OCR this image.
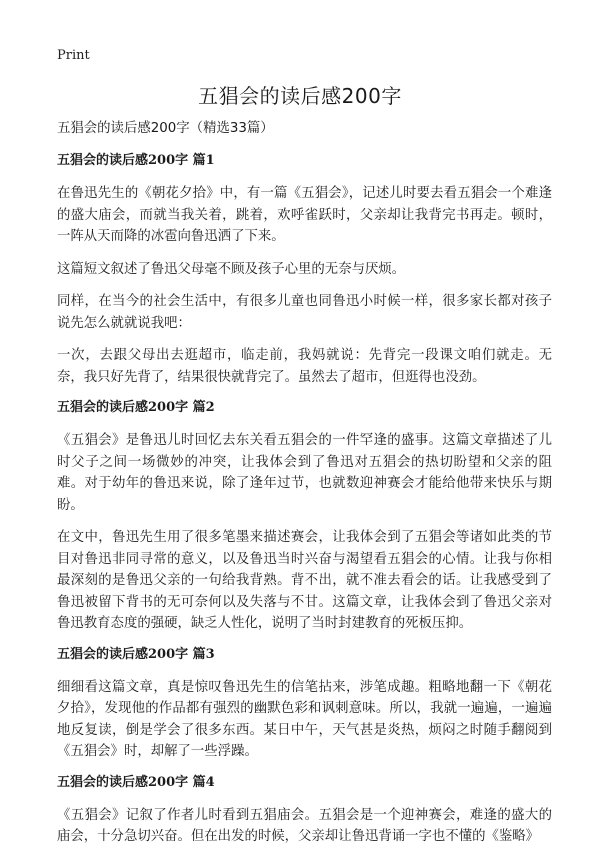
Print
五猖会的读后感200字

五猖会的读后感200字（精选33篇）

五猖会的读后感200字 篇1

在鲁迅先生的《朝花夕拾》中，有一篇《五猖会》，记述儿时要去看五猖会一个难逢的盛大庙会，而就当我关着，跳着，欢呼雀跃时，父亲却让我背完书再走。顿时，一阵从天而降的冰雹向鲁迅洒了下来。

这篇短文叙述了鲁迅父母毫不顾及孩子心里的无奈与厌烦。

同样，在当今的社会生活中，有很多儿童也同鲁迅小时候一样，很多家长都对孩子说先怎么就就说我吧：

一次，去跟父母出去逛超市，临走前，我妈就说：先背完一段课文咱们就走。无奈，我只好先背了，结果很快就背完了。虽然去了超市，但逛得也没劲。

五猖会的读后感200字 篇2

《五猖会》是鲁迅儿时回忆去东关看五猖会的一件罕逢的盛事。这篇文章描述了儿时父子之间一场微妙的冲突，让我体会到了鲁迅对五猖会的热切盼望和父亲的阻难。对于幼年的鲁迅来说，除了逢年过节，也就数迎神赛会才能给他带来快乐与期盼。

在文中，鲁迅先生用了很多笔墨来描述赛会，让我体会到了五猖会等诸如此类的节目对鲁迅非同寻常的意义，以及鲁迅当时兴奋与渴望看五猖会的心情。让我与你相最深刻的是鲁迅父亲的一句给我背熟。背不出，就不准去看会的话。让我感受到了鲁迅被留下背书的无可奈何以及失落与不甘。这篇文章，让我体会到了鲁迅父亲对鲁迅教育态度的强硬，缺乏人性化，说明了当时封建教育的死板压抑。

五猖会的读后感200字 篇3

细细看这篇文章，真是惊叹鲁迅先生的信笔拈来，涉笔成趣。粗略地翻一下《朝花夕拾》，发现他的作品都有强烈的幽默色彩和讽刺意味。所以，我就一遍遍，一遍遍地反复读，倒是学会了很多东西。某日中午，天气甚是炎热，烦闷之时随手翻阅到《五猖会》时，却解了一些浮躁。

五猖会的读后感200字 篇4

《五猖会》记叙了作者儿时看到五猖庙会。五猖会是一个迎神赛会，难逢的盛大的庙会，十分急切兴奋。但在出发的时候，父亲却让鲁迅背诵一字也不懂的《鉴略》
